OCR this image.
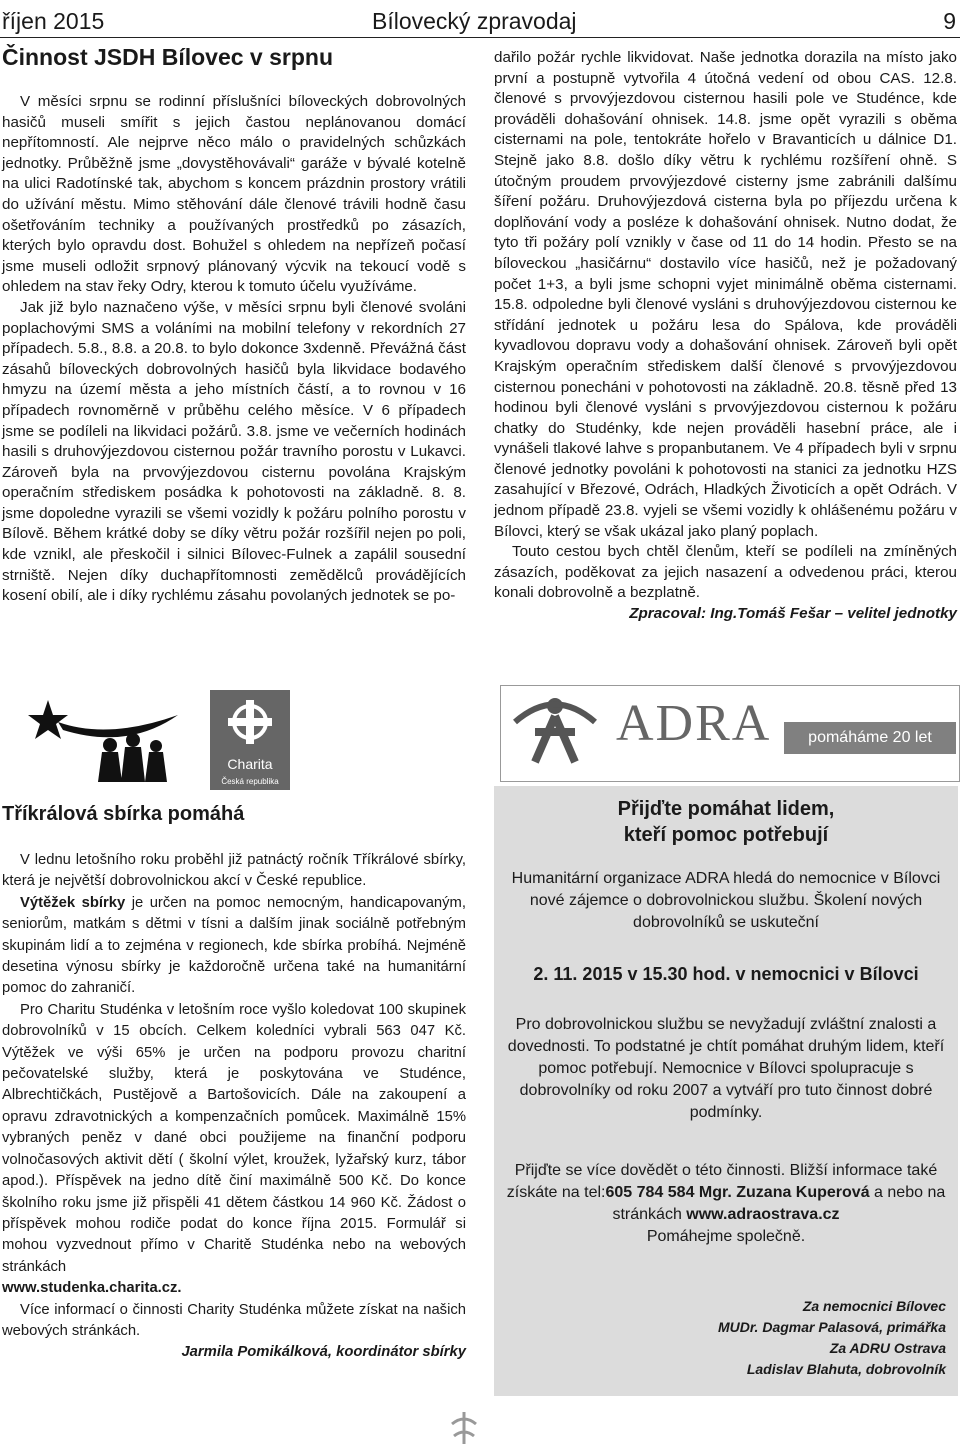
říjen 2015	Bílovecký zpravodaj	9
Činnost JSDH Bílovec v srpnu

V měsíci srpnu se rodinní příslušníci bíloveckých dobrovolných hasičů museli smířit s jejich častou neplánovanou domácí nepřítomností. Ale nejprve něco málo o pravidelných schůzkách jednotky. Průběžně jsme „dovystěhovávali“ garáže v bývalé kotelně na ulici Radotínské tak, abychom s koncem prázdnin prostory vrátili do užívání městu. Mimo stěhování dále členové trávili hodně času ošetřováním techniky a používaných prostředků po zásazích, kterých bylo opravdu dost. Bohužel s ohledem na nepřízeň počasí jsme museli odložit srpnový plánovaný výcvik na tekoucí vodě s ohledem na stav řeky Odry, kterou k tomuto účelu využíváme.

Jak již bylo naznačeno výše, v měsíci srpnu byli členové svoláni poplachovými SMS a voláními na mobilní telefony v rekordních 27 případech. 5.8., 8.8. a 20.8. to bylo dokonce 3xdenně. Převážná část zásahů bíloveckých dobrovolných hasičů byla likvidace bodavého hmyzu na území města a jeho místních částí, a to rovnou v 16 případech rovnoměrně v průběhu celého měsíce. V 6 případech jsme se podíleli na likvidaci požárů. 3.8. jsme ve večerních hodinách hasili s druhovýjezdovou cisternou požár travního porostu v Lukavci. Zároveň byla na prvovýjezdovou cisternu povolána Krajským operačním střediskem posádka k pohotovosti na základně. 8. 8. jsme dopoledne vyrazili se všemi vozidly k požáru polního porostu v Bílově. Během krátké doby se díky větru požár rozšířil nejen po poli, kde vznikl, ale přeskočil i silnici Bílovec-Fulnek a zapálil sousední strniště. Nejen díky duchapřítomnosti zemědělců provádějících kosení obilí, ale i díky rychlému zásahu povolaných jednotek se po-

dařilo požár rychle likvidovat. Naše jednotka dorazila na místo jako první a postupně vytvořila 4 útočná vedení od obou CAS. 12.8. členové s prvovýjezdovou cisternou hasili pole ve Studénce, kde prováděli dohašování ohnisek. 14.8. jsme opět vyrazili s oběma cisternami na pole, tentokráte hořelo v Bravanticích u dálnice D1. Stejně jako 8.8. došlo díky větru k rychlému rozšíření ohně. S útočným proudem prvovýjezdové cisterny jsme zabránili dalšímu šíření požáru. Druhovýjezdová cisterna byla po příjezdu určena k doplňování vody a posléze k dohašování ohnisek. Nutno dodat, že tyto tři požáry polí vznikly v čase od 11 do 14 hodin. Přesto se na bíloveckou „hasičárnu“ dostavilo více hasičů, než je požadovaný počet 1+3, a byli jsme schopni vyjet minimálně oběma cisternami. 15.8. odpoledne byli členové vysláni s druhovýjezdovou cisternou ke střídání jednotek u požáru lesa do Spálova, kde prováděli kyvadlovou dopravu vody a dohašování ohnisek. Zároveň byli opět Krajským operačním střediskem další členové s prvovýjezdovou cisternou ponecháni v pohotovosti na základně. 20.8. těsně před 13 hodinou byli členové vysláni s prvovýjezdovou cisternou k požáru chatky do Studénky, kde nejen prováděli hasební práce, ale i vynášeli tlakové lahve s propanbutanem. Ve 4 případech byli v srpnu členové jednotky povoláni k pohotovosti na stanici za jednotku HZS zasahující v Březové, Odrách, Hladkých Životicích a opět Odrách. V jednom případě 23.8. vyjeli se všemi vozidly k ohlášenému požáru v Bílovci, který se však ukázal jako planý poplach.

Touto cestou bych chtěl členům, kteří se podíleli na zmíněných zásazích, poděkovat za jejich nasazení a odvedenou práci, kterou konali dobrovolně a bezplatně.

Zpracoval: Ing.Tomáš Fešar – velitel jednotky

Charita
Česká republika
Tříkrálová sbírka pomáhá

V lednu letošního roku proběhl již patnáctý ročník Tříkrálové sbírky, která je největší dobrovolnickou akcí v České republice.

Výtěžek sbírky je určen na pomoc nemocným, handicapovaným, seniorům, matkám s dětmi v tísni a dalším jinak sociálně potřebným skupinám lidí a to zejména v regionech, kde sbírka probíhá. Nejméně desetina výnosu sbírky je každoročně určena také na humanitární pomoc do zahraničí.

Pro Charitu Studénka v letošním roce vyšlo koledovat 100 skupinek dobrovolníků v 15 obcích. Celkem koledníci vybrali 563 047 Kč. Výtěžek ve výši 65% je určen na podporu provozu charitní pečovatelské služby, která je poskytována ve Studénce, Albrechtičkách, Pustějově a Bartošovicích. Dále na zakoupení a opravu zdravotnických a kompenzačních pomůcek. Maximálně 15% vybraných peněz v dané obci použijeme na finanční podporu volnočasových aktivit dětí ( školní výlet, kroužek, lyžařský kurz, tábor apod.). Příspěvek na jedno dítě činí maximálně 500 Kč. Do konce školního roku jsme již přispěli 41 dětem částkou 14 960 Kč. Žádost o příspěvek mohou rodiče podat do konce října 2015. Formulář si mohou vyzvednout přímo v Charitě Studénka nebo na webových stránkách

www.studenka.charita.cz.

Více informací o činnosti Charity Studénka můžete získat na našich webových stránkách.

Jarmila Pomikálková, koordinátor sbírky

ADRA	pomáháme 20 let
Přijďte pomáhat lidem,
kteří pomoc potřebují
Humanitární organizace ADRA hledá do nemocnice v Bílovci nové zájemce o dobrovolnickou službu. Školení nových dobrovolníků se uskuteční
2. 11. 2015 v 15.30 hod. v nemocnici v Bílovci
Pro dobrovolnickou službu se nevyžadují zvláštní znalosti a dovednosti. To podstatné je chtít pomáhat druhým lidem, kteří pomoc potřebují. Nemocnice v Bílovci spolupracuje s dobrovolníky od roku 2007 a vytváří pro tuto činnost dobré podmínky.
Přijďte se více dovědět o této činnosti. Bližší informace také získáte na tel:605 784 584 Mgr. Zuzana Kuperová a nebo na stránkách www.adraostrava.cz
Pomáhejme společně.
Za nemocnici Bílovec
MUDr. Dagmar Palasová, primářka
Za ADRU Ostrava
Ladislav Blahuta, dobrovolník
